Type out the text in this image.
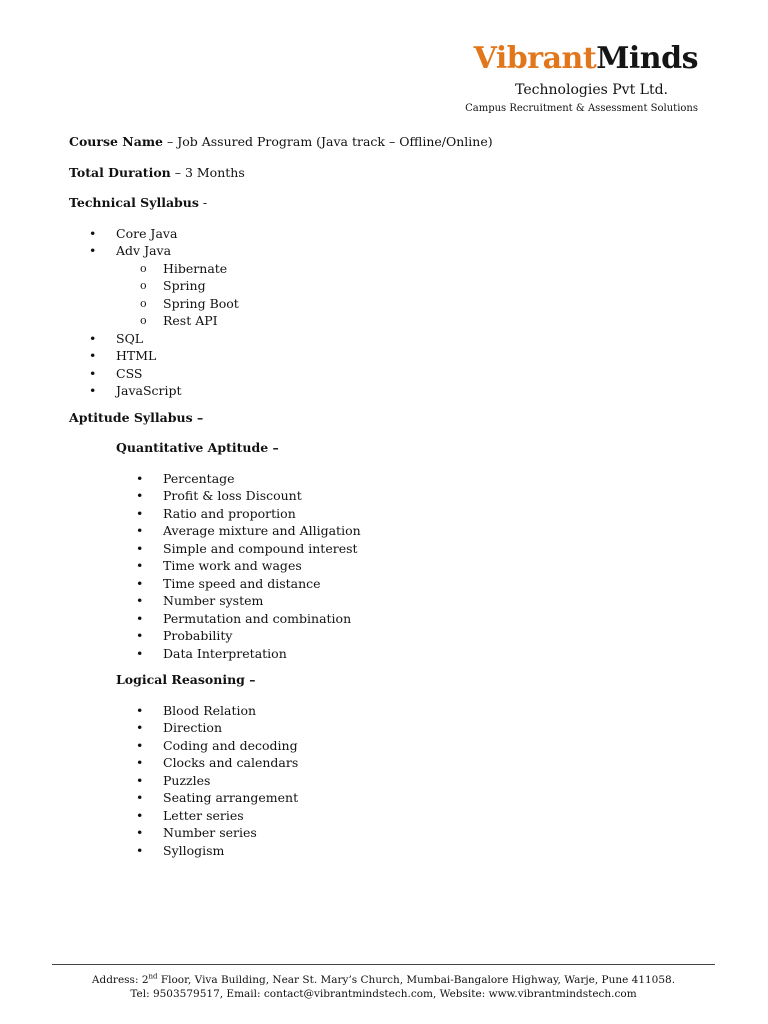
VibrantMinds
Technologies Pvt Ltd.
Campus Recruitment & Assessment Solutions

Course Name – Job Assured Program (Java track – Offline/Online)

Total Duration – 3 Months

Technical Syllabus -

• Core Java
• Adv Java
o Hibernate
o Spring
o Spring Boot
o Rest API
• SQL
• HTML
• CSS
• JavaScript

Aptitude Syllabus –

Quantitative Aptitude –

• Percentage
• Profit & loss Discount
• Ratio and proportion
• Average mixture and Alligation
• Simple and compound interest
• Time work and wages
• Time speed and distance
• Number system
• Permutation and combination
• Probability
• Data Interpretation

Logical Reasoning –

• Blood Relation
• Direction
• Coding and decoding
• Clocks and calendars
• Puzzles
• Seating arrangement
• Letter series
• Number series
• Syllogism
Address: 2nd Floor, Viva Building, Near St. Mary’s Church, Mumbai-Bangalore Highway, Warje, Pune 411058.
Tel: 9503579517, Email: contact@vibrantmindstech.com, Website: www.vibrantmindstech.com
